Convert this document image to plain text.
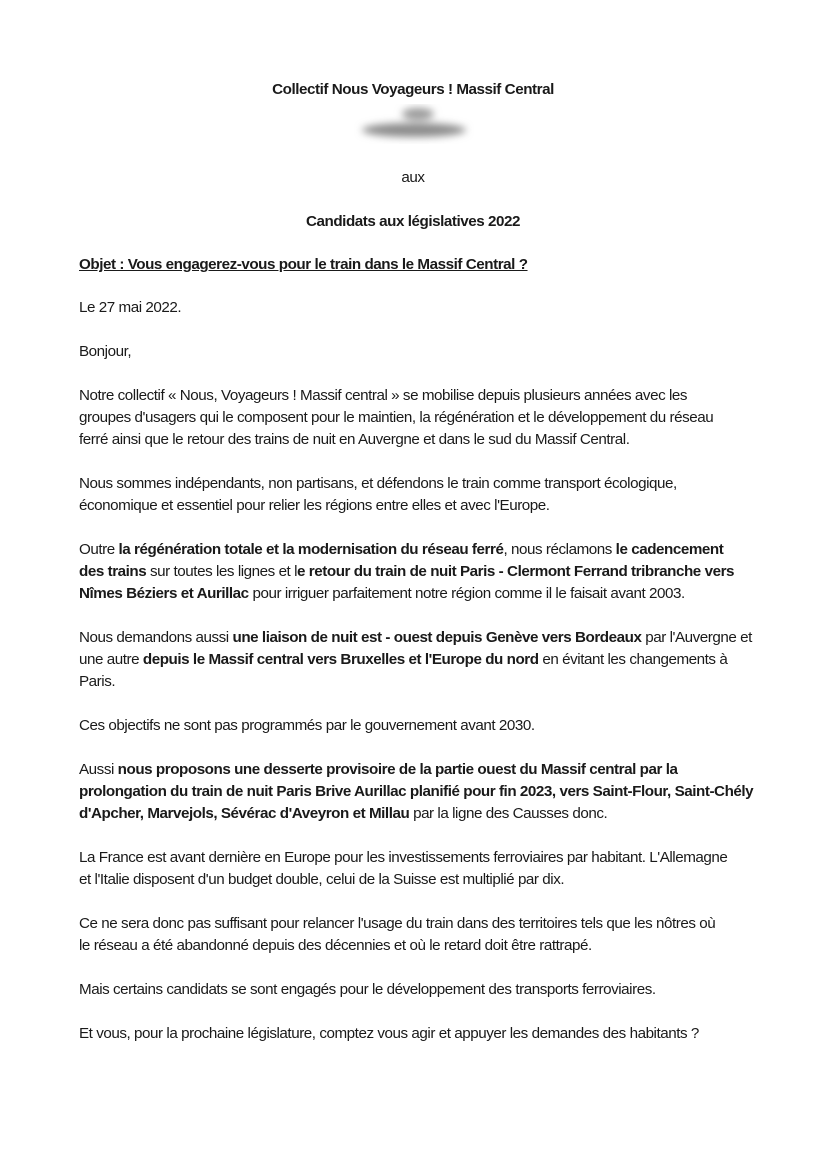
Collectif Nous Voyageurs ! Massif Central
aux
Candidats aux législatives 2022
Objet : Vous engagerez-vous pour le train dans le Massif Central ?
Le 27 mai 2022.
Bonjour,
Notre collectif « Nous, Voyageurs ! Massif central » se mobilise depuis plusieurs années avec les
groupes d'usagers qui le composent pour le maintien, la régénération et le développement du réseau
ferré ainsi que le retour des trains de nuit en Auvergne et dans le sud du Massif Central.
Nous sommes indépendants, non partisans, et défendons le train comme transport écologique,
économique et essentiel pour relier les régions entre elles et avec l'Europe.
Outre la régénération totale et la modernisation du réseau ferré, nous réclamons le cadencement
des trains sur toutes les lignes et le retour du train de nuit Paris - Clermont Ferrand tribranche vers
Nîmes Béziers et Aurillac pour irriguer parfaitement notre région comme il le faisait avant 2003.
Nous demandons aussi une liaison de nuit est - ouest depuis Genève vers Bordeaux par l'Auvergne et
une autre depuis le Massif central vers Bruxelles et l'Europe du nord en évitant les changements à
Paris.
Ces objectifs ne sont pas programmés par le gouvernement avant 2030.
Aussi nous proposons une desserte provisoire de la partie ouest du Massif central par la
prolongation du train de nuit Paris Brive Aurillac planifié pour fin 2023, vers Saint-Flour, Saint-Chély
d'Apcher, Marvejols, Sévérac d'Aveyron et Millau par la ligne des Causses donc.
La France est avant dernière en Europe pour les investissements ferroviaires par habitant. L'Allemagne
et l'Italie disposent d'un budget double, celui de la Suisse est multiplié par dix.
Ce ne sera donc pas suffisant pour relancer l'usage du train dans des territoires tels que les nôtres où
le réseau a été abandonné depuis des décennies et où le retard doit être rattrapé.
Mais certains candidats se sont engagés pour le développement des transports ferroviaires.
Et vous, pour la prochaine législature, comptez vous agir et appuyer les demandes des habitants ?
